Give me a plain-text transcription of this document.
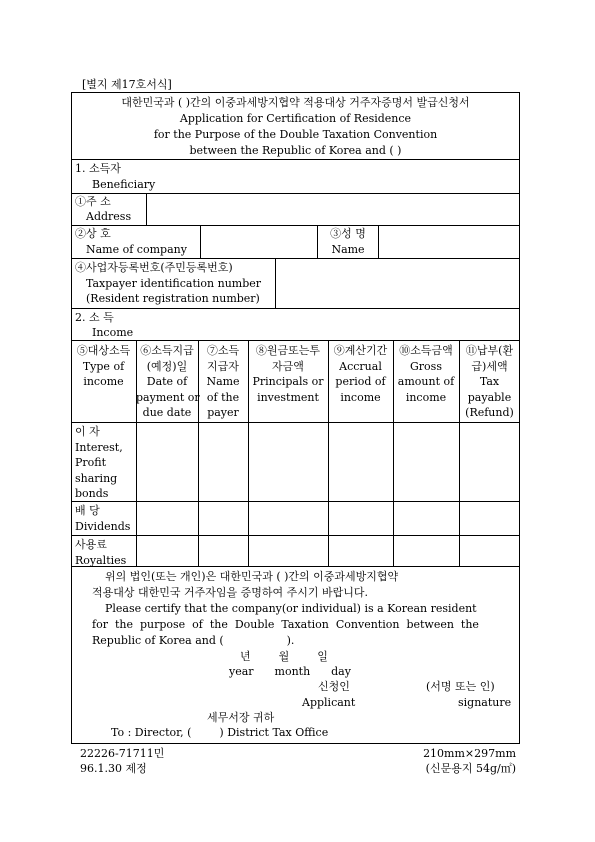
[별지 제17호서식]
대한민국과 ( )간의 이중과세방지협약 적용대상 거주자증명서 발급신청서
Application for Certification of Residence
for the Purpose of the Double Taxation Convention
between the Republic of Korea and ( )
1. 소득자
Beneficiary
①주 소
Address
②상 호
Name of company
③성 명
Name
④사업자등록번호(주민등록번호)
Taxpayer identification number
(Resident registration number)
2. 소 득
Income
⑤대상소득
Type of
income
⑥소득지급
(예정)일
Date of
payment or
due date
⑦소득
지급자
Name
of the
payer
⑧원금또는투
자금액
Principals or
investment
⑨계산기간
Accrual
period of
income
⑩소득금액
Gross
amount of
income
⑪납부(환
급)세액
Tax
payable
(Refund)
이 자
Interest,
Profit
sharing
bonds
배 당
Dividends
사용료
Royalties
위의 법인(또는 개인)은 대한민국과 ( )간의 이중과세방지협약
적용대상 대한민국 거주자임을 증명하여 주시기 바랍니다.
Please certify that the company(or individual) is a Korean resident
for  the  purpose  of  the  Double  Taxation  Convention  between  the
Republic of Korea and (                  ).
년        월        일
year      month      day
신청인	(서명 또는 인)
Applicant	signature
세무서장 귀하
To : Director, (        ) District Tax Office
22226-71711민
96.1.30 제정
210mm×297mm
(신문용지 54g/㎡)
